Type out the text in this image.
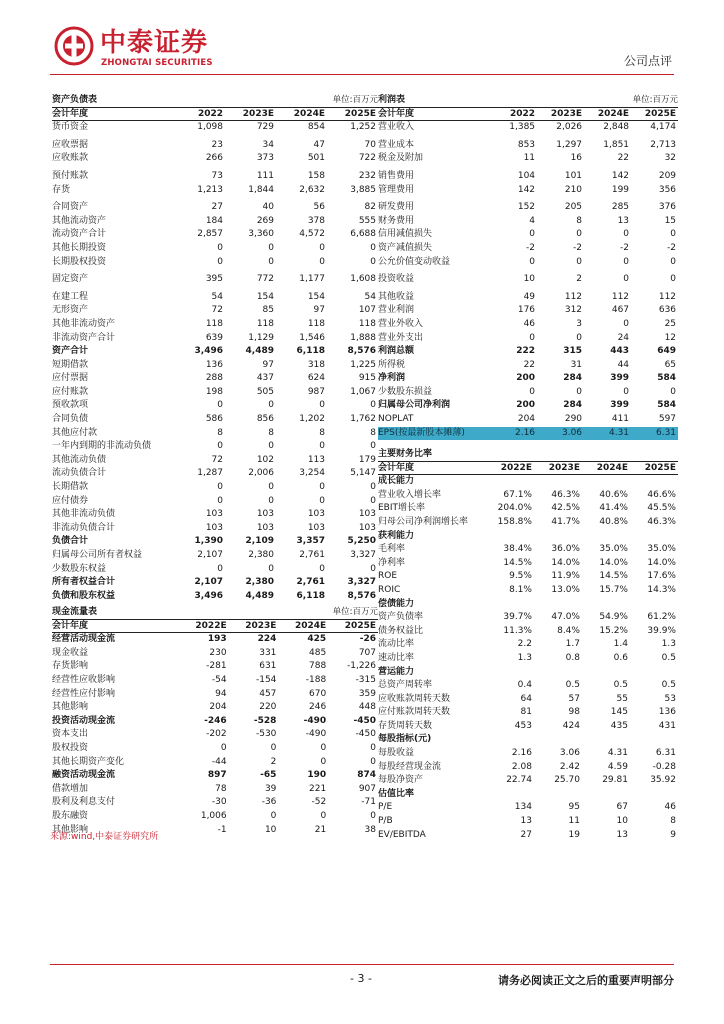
中泰证券
ZHONGTAI SECURITIES	公司点评
资产负债表	单位:百万元
会计年度	2022	2023E	2024E	2025E
货币资金	1,098	729	854	1,252
应收票据	23	34	47	70
应收账款	266	373	501	722
预付账款	73	111	158	232
存货	1,213	1,844	2,632	3,885
合同资产	27	40	56	82
其他流动资产	184	269	378	555
流动资产合计	2,857	3,360	4,572	6,688
其他长期投资	0	0	0	0
长期股权投资	0	0	0	0
固定资产	395	772	1,177	1,608
在建工程	54	154	154	54
无形资产	72	85	97	107
其他非流动资产	118	118	118	118
非流动资产合计	639	1,129	1,546	1,888
资产合计	3,496	4,489	6,118	8,576
短期借款	136	97	318	1,225
应付票据	288	437	624	915
应付账款	198	505	987	1,067
预收款项	0	0	0	0
合同负债	586	856	1,202	1,762
其他应付款	8	8	8	8
一年内到期的非流动负债	0	0	0	0
其他流动负债	72	102	113	179
流动负债合计	1,287	2,006	3,254	5,147
长期借款	0	0	0	0
应付债券	0	0	0	0
其他非流动负债	103	103	103	103
非流动负债合计	103	103	103	103
负债合计	1,390	2,109	3,357	5,250
归属母公司所有者权益	2,107	2,380	2,761	3,327
少数股东权益	0	0	0	0
所有者权益合计	2,107	2,380	2,761	3,327
负债和股东权益	3,496	4,489	6,118	8,576
利润表	单位:百万元
会计年度	2022	2023E	2024E	2025E
营业收入	1,385	2,026	2,848	4,174
营业成本	853	1,297	1,851	2,713
税金及附加	11	16	22	32
销售费用	104	101	142	209
管理费用	142	210	199	356
研发费用	152	205	285	376
财务费用	4	8	13	15
信用减值损失	0	0	0	0
资产减值损失	-2	-2	-2	-2
公允价值变动收益	0	0	0	0
投资收益	10	2	0	0
其他收益	49	112	112	112
营业利润	176	312	467	636
营业外收入	46	3	0	25
营业外支出	0	0	24	12
利润总额	222	315	443	649
所得税	22	31	44	65
净利润	200	284	399	584
少数股东损益	0	0	0	0
归属母公司净利润	200	284	399	584
NOPLAT	204	290	411	597
EPS(按最新股本摊薄)	2.16	3.06	4.31	6.31
主要财务比率
会计年度	2022E	2023E	2024E	2025E
成长能力
营业收入增长率	67.1%	46.3%	40.6%	46.6%
EBIT增长率	204.0%	42.5%	41.4%	45.5%
归母公司净利润增长率	158.8%	41.7%	40.8%	46.3%
获利能力
毛利率	38.4%	36.0%	35.0%	35.0%
净利率	14.5%	14.0%	14.0%	14.0%
ROE	9.5%	11.9%	14.5%	17.6%
ROIC	8.1%	13.0%	15.7%	14.3%
偿债能力
资产负债率	39.7%	47.0%	54.9%	61.2%
债务权益比	11.3%	8.4%	15.2%	39.9%
流动比率	2.2	1.7	1.4	1.3
速动比率	1.3	0.8	0.6	0.5
营运能力
总资产周转率	0.4	0.5	0.5	0.5
应收账款周转天数	64	57	55	53
应付账款周转天数	81	98	145	136
存货周转天数	453	424	435	431
每股指标(元)
每股收益	2.16	3.06	4.31	6.31
每股经营现金流	2.08	2.42	4.59	-0.28
每股净资产	22.74	25.70	29.81	35.92
估值比率
P/E	134	95	67	46
P/B	13	11	10	8
EV/EBITDA	27	19	13	9
现金流量表	单位:百万元
会计年度	2022E	2023E	2024E	2025E
经营活动现金流	193	224	425	-26
现金收益	230	331	485	707
存货影响	-281	631	788	-1,226
经营性应收影响	-54	-154	-188	-315
经营性应付影响	94	457	670	359
其他影响	204	220	246	448
投资活动现金流	-246	-528	-490	-450
资本支出	-202	-530	-490	-450
股权投资	0	0	0	0
其他长期资产变化	-44	2	0	0
融资活动现金流	897	-65	190	874
借款增加	78	39	221	907
股利及利息支付	-30	-36	-52	-71
股东融资	1,006	0	0	0
其他影响	-1	10	21	38
来源:wind,中泰证券研究所
- 3 -	请务必阅读正文之后的重要声明部分
